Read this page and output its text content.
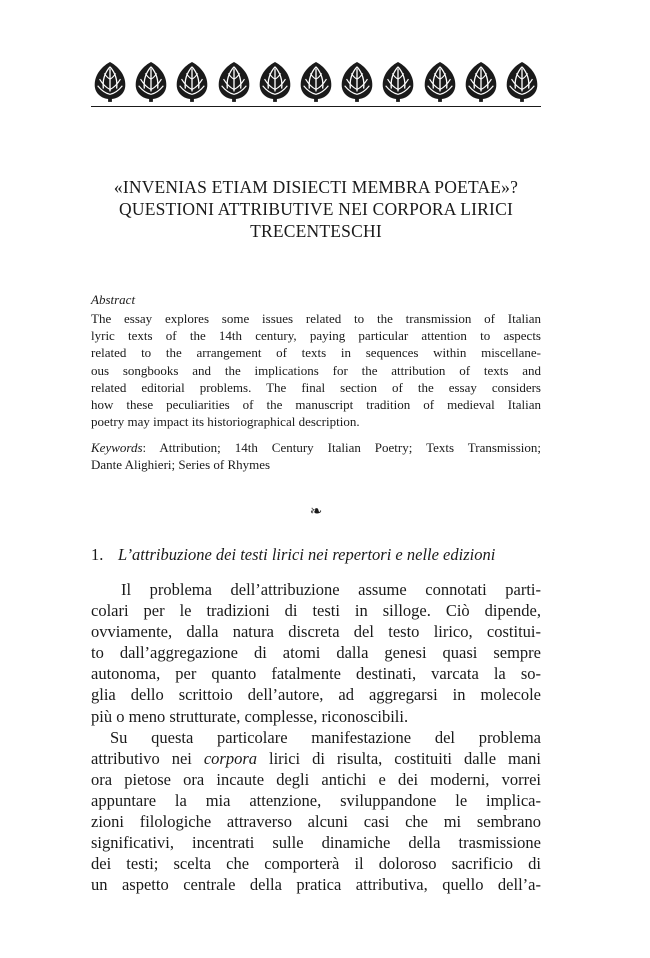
«INVENIAS ETIAM DISIECTI MEMBRA POETAE»?
QUESTIONI ATTRIBUTIVE NEI CORPORA LIRICI
TRECENTESCHI
Abstract
The essay explores some issues related to the transmission of Italian
lyric texts of the 14th century, paying particular attention to aspects
related to the arrangement of texts in sequences within miscellane-
ous songbooks and the implications for the attribution of texts and
related editorial problems. The final section of the essay considers
how these peculiarities of the manuscript tradition of medieval Italian
poetry may impact its historiographical description.
Keywords: Attribution; 14th Century Italian Poetry; Texts Transmission;
Dante Alighieri; Series of Rhymes
❧
1. L’attribuzione dei testi lirici nei repertori e nelle edizioni
Il problema dell’attribuzione assume connotati parti-
colari per le tradizioni di testi in silloge. Ciò dipende,
ovviamente, dalla natura discreta del testo lirico, costitui-
to dall’aggregazione di atomi dalla genesi quasi sempre
autonoma, per quanto fatalmente destinati, varcata la so-
glia dello scrittoio dell’autore, ad aggregarsi in molecole
più o meno strutturate, complesse, riconoscibili.
Su questa particolare manifestazione del problema
attributivo nei corpora lirici di risulta, costituiti dalle mani
ora pietose ora incaute degli antichi e dei moderni, vorrei
appuntare la mia attenzione, sviluppandone le implica-
zioni filologiche attraverso alcuni casi che mi sembrano
significativi, incentrati sulle dinamiche della trasmissione
dei testi; scelta che comporterà il doloroso sacrificio di
un aspetto centrale della pratica attributiva, quello dell’a-
